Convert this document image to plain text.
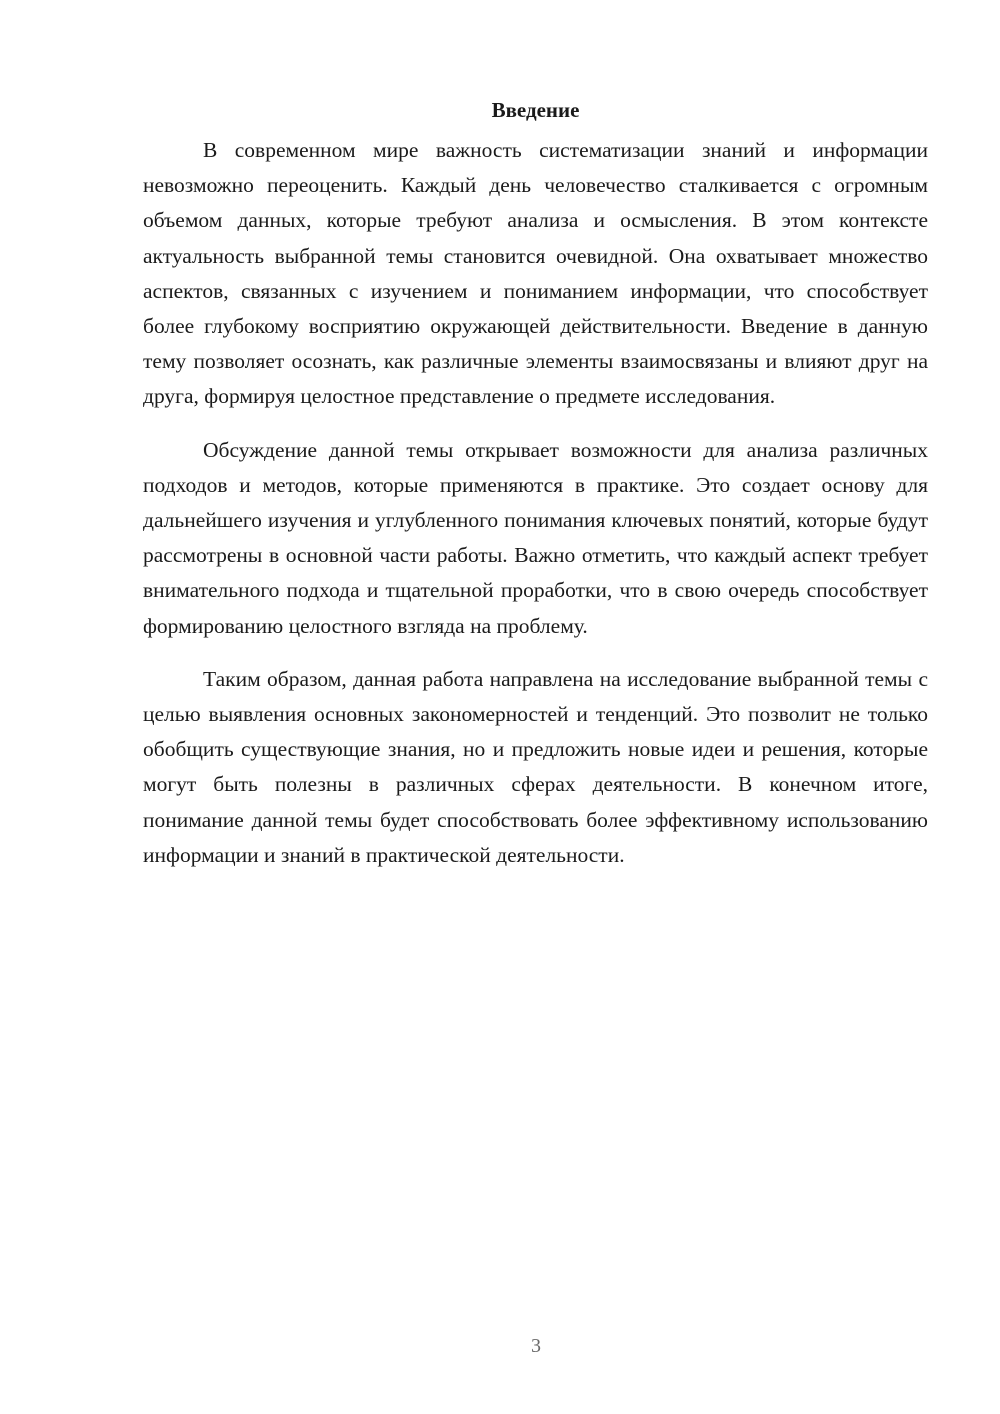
Введение

В современном мире важность систематизации знаний и информации невозможно переоценить. Каждый день человечество сталкивается с огромным объемом данных, которые требуют анализа и осмысления. В этом контексте актуальность выбранной темы становится очевидной. Она охватывает множество аспектов, связанных с изучением и пониманием информации, что способствует более глубокому восприятию окружающей действительности. Введение в данную тему позволяет осознать, как различные элементы взаимосвязаны и влияют друг на друга, формируя целостное представление о предмете исследования.

Обсуждение данной темы открывает возможности для анализа различных подходов и методов, которые применяются в практике. Это создает основу для дальнейшего изучения и углубленного понимания ключевых понятий, которые будут рассмотрены в основной части работы. Важно отметить, что каждый аспект требует внимательного подхода и тщательной проработки, что в свою очередь способствует формированию целостного взгляда на проблему.

Таким образом, данная работа направлена на исследование выбранной темы с целью выявления основных закономерностей и тенденций. Это позволит не только обобщить существующие знания, но и предложить новые идеи и решения, которые могут быть полезны в различных сферах деятельности. В конечном итоге, понимание данной темы будет способствовать более эффективному использованию информации и знаний в практической деятельности.

3
